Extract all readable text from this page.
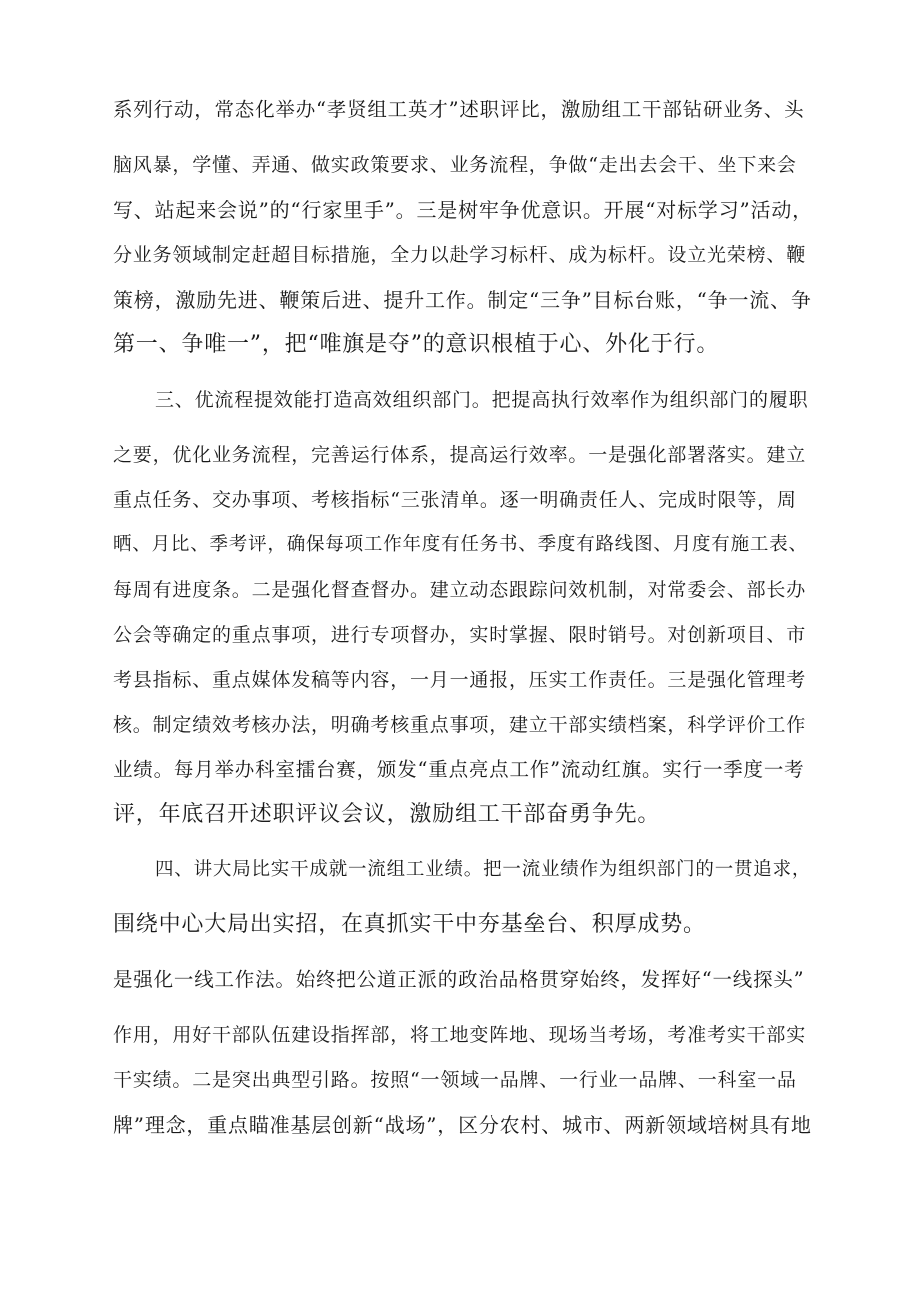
系列行动，常态化举办“孝贤组工英才”述职评比，激励组工干部钻研业务、头
脑风暴，学懂、弄通、做实政策要求、业务流程，争做“走出去会干、坐下来会
写、站起来会说”的“行家里手”。三是树牢争优意识。开展“对标学习”活动，
分业务领域制定赶超目标措施，全力以赴学习标杆、成为标杆。设立光荣榜、鞭
策榜，激励先进、鞭策后进、提升工作。制定“三争”目标台账，“争一流、争
第一、争唯一”，把“唯旗是夺”的意识根植于心、外化于行。
三、优流程提效能打造高效组织部门。把提高执行效率作为组织部门的履职
之要，优化业务流程，完善运行体系，提高运行效率。一是强化部署落实。建立
重点任务、交办事项、考核指标“三张清单。逐一明确责任人、完成时限等，周
晒、月比、季考评，确保每项工作年度有任务书、季度有路线图、月度有施工表、
每周有进度条。二是强化督查督办。建立动态跟踪问效机制，对常委会、部长办
公会等确定的重点事项，进行专项督办，实时掌握、限时销号。对创新项目、市
考县指标、重点媒体发稿等内容，一月一通报，压实工作责任。三是强化管理考
核。制定绩效考核办法，明确考核重点事项，建立干部实绩档案，科学评价工作
业绩。每月举办科室擂台赛，颁发“重点亮点工作”流动红旗。实行一季度一考
评，年底召开述职评议会议，激励组工干部奋勇争先。
四、讲大局比实干成就一流组工业绩。把一流业绩作为组织部门的一贯追求，
围绕中心大局出实招，在真抓实干中夯基垒台、积厚成势。
是强化一线工作法。始终把公道正派的政治品格贯穿始终，发挥好“一线探头”
作用，用好干部队伍建设指挥部，将工地变阵地、现场当考场，考准考实干部实
干实绩。二是突出典型引路。按照“一领域一品牌、一行业一品牌、一科室一品
牌”理念，重点瞄准基层创新“战场”，区分农村、城市、两新领域培树具有地
